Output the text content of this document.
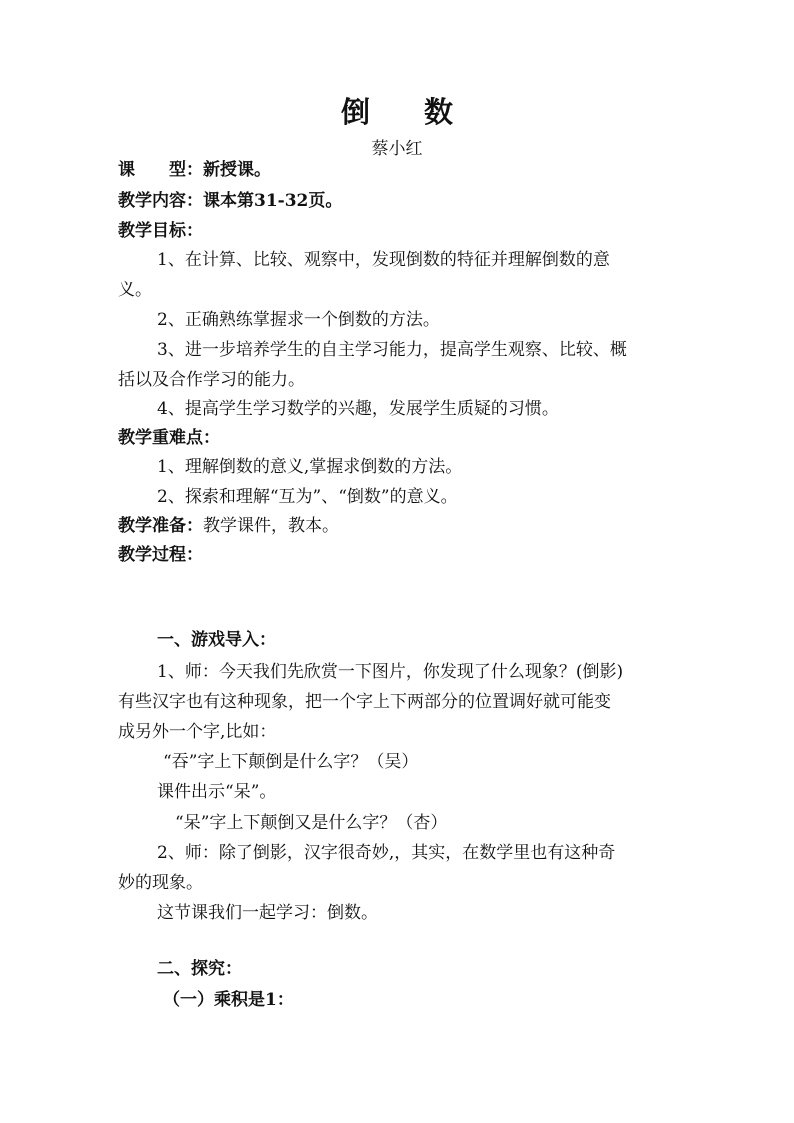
倒 数
蔡小红
课　　型：新授课。
教学内容：课本第31-32页。
教学目标：
1、在计算、比较、观察中，发现倒数的特征并理解倒数的意
义。
2、正确熟练掌握求一个倒数的方法。
3、进一步培养学生的自主学习能力，提高学生观察、比较、概
括以及合作学习的能力。
4、提高学生学习数学的兴趣，发展学生质疑的习惯。
教学重难点：
1、理解倒数的意义,掌握求倒数的方法。
2、探索和理解“互为”、“倒数”的意义。
教学准备：教学课件，教本。
教学过程：
一、游戏导入：
1、师：今天我们先欣赏一下图片，你发现了什么现象？(倒影)
有些汉字也有这种现象，把一个字上下两部分的位置调好就可能变
成另外一个字,比如：
“吞”字上下颠倒是什么字？（吴）
课件出示“呆”。
“呆”字上下颠倒又是什么字？（杏）
2、师：除了倒影，汉字很奇妙,，其实，在数学里也有这种奇
妙的现象。
这节课我们一起学习：倒数。
二、探究：
（一）乘积是1：
